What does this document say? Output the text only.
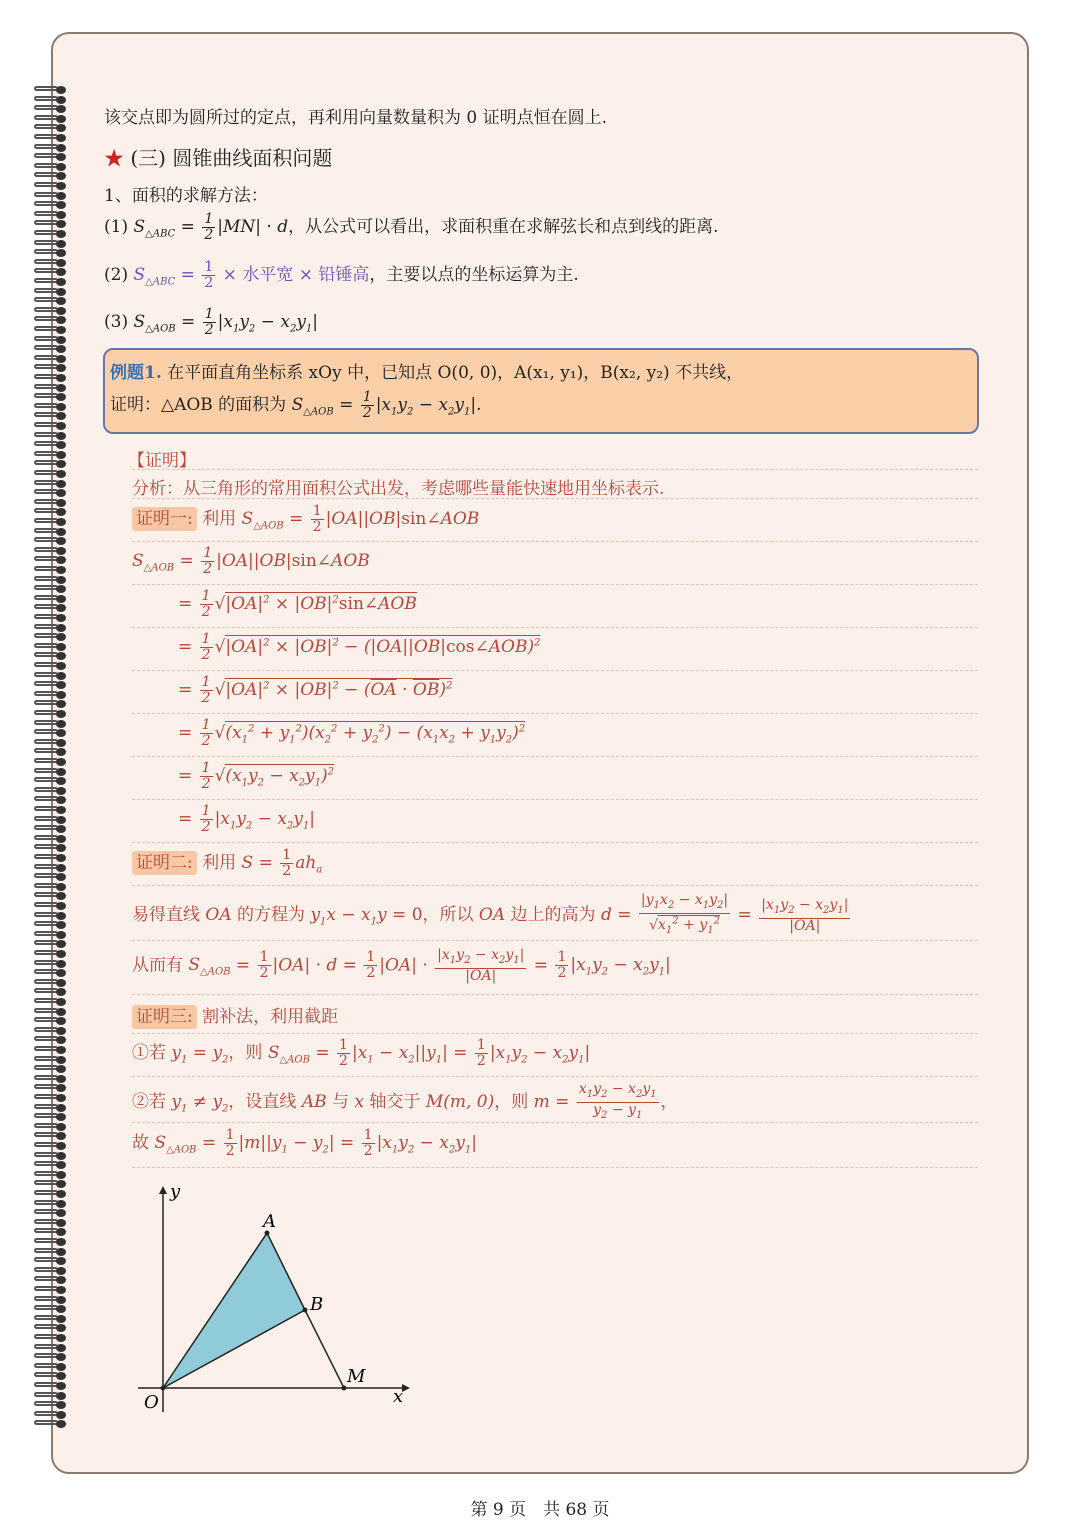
该交点即为圆所过的定点，再利用向量数量积为 0 证明点恒在圆上.
★ (三) 圆锥曲线面积问题
1、面积的求解方法：
(1) $S_{\triangle ABC} = \frac{1}{2} |MN| \cdot d$，从公式可以看出，求面积重在求解弦长和点到线的距离.
(2) $S_{\triangle ABC} = \frac{1}{2}$ × 水平宽 × 铅锤高，主要以点的坐标运算为主.
(3) $S_{\triangle AOB} = \frac{1}{2} |x_1y_2 - x_2y_1|$
例题1. 在平面直角坐标系 xOy 中，已知点 O(0, 0)，A(x₁, y₁)，B(x₂, y₂) 不共线，
证明：△AOB 的面积为 $S_{\triangle AOB} = \frac{1}{2} |x_1y_2 - x_2y_1|$.
【证明】
分析：从三角形的常用面积公式出发，考虑哪些量能快速地用坐标表示.
证明一: 利用 $S_{\triangle AOB} = \frac{1}{2}$ |OA||OB|sin∠AOB
$S_{\triangle AOB} = \frac{1}{2}$ |OA||OB|sin∠AOB
= $\frac{1}{2} √|OA|^2$ × $|OB|^2\sin\angle AOB$
= $\frac{1}{2} √|OA|^2 \times |OB|^2$ − (|OA||OB|cos∠AOB)$^2$
= $\frac{1}{2} √|OA|^2 \times |OB|^2 - (\overline{OA} \cdot \overline{OB})^2$
= $\frac{1}{2} √(x_1^2 + y_1^2)(x_2^2 + y_2^2) - (x_1x_2 + y_1y_2)^2$
= $\frac{1}{2} √(x_1y_2 - x_2y_1)^2$
= $\frac{1}{2} |x_1y_2 - x_2y_1|$
证明二: 利用 $S = \frac{1}{2} ah_a$
易得直线 OA 的方程为 $y_1x - x_1y = 0$，所以 OA 边上的高为 $d = \frac{|y_1x_2 - x_1y_2|}{√x_1^2 + y_1^2} = \frac{|x_1y_2 - x_2y_1|}{|OA|}$
从而有 $S_{\triangle AOB} = \frac{1}{2} |OA| \cdot d = \frac{1}{2} |OA| \cdot \frac{|x_1y_2 - x_2y_1|}{|OA|} = \frac{1}{2} |x_1y_2 - x_2y_1|$
证明三: 割补法，利用截距
①若 $y_1 = y_2$，则 $S_{\triangle AOB} = \frac{1}{2} |x_1 - x_2||y_1| = \frac{1}{2} |x_1y_2 - x_2y_1|$
②若 $y_1 \ne y_2$，设直线 AB 与 x 轴交于 M(m, 0)，则 $m = \frac{x_1y_2 - x_2y_1}{y_2 - y_1}$ ，
故 $S_{\triangle AOB} = \frac{1}{2} |m||y_1 - y_2| = \frac{1}{2} |x_1y_2 - x_2y_1|$
y
x
O
A
B
M
第 9 页　共 68 页
